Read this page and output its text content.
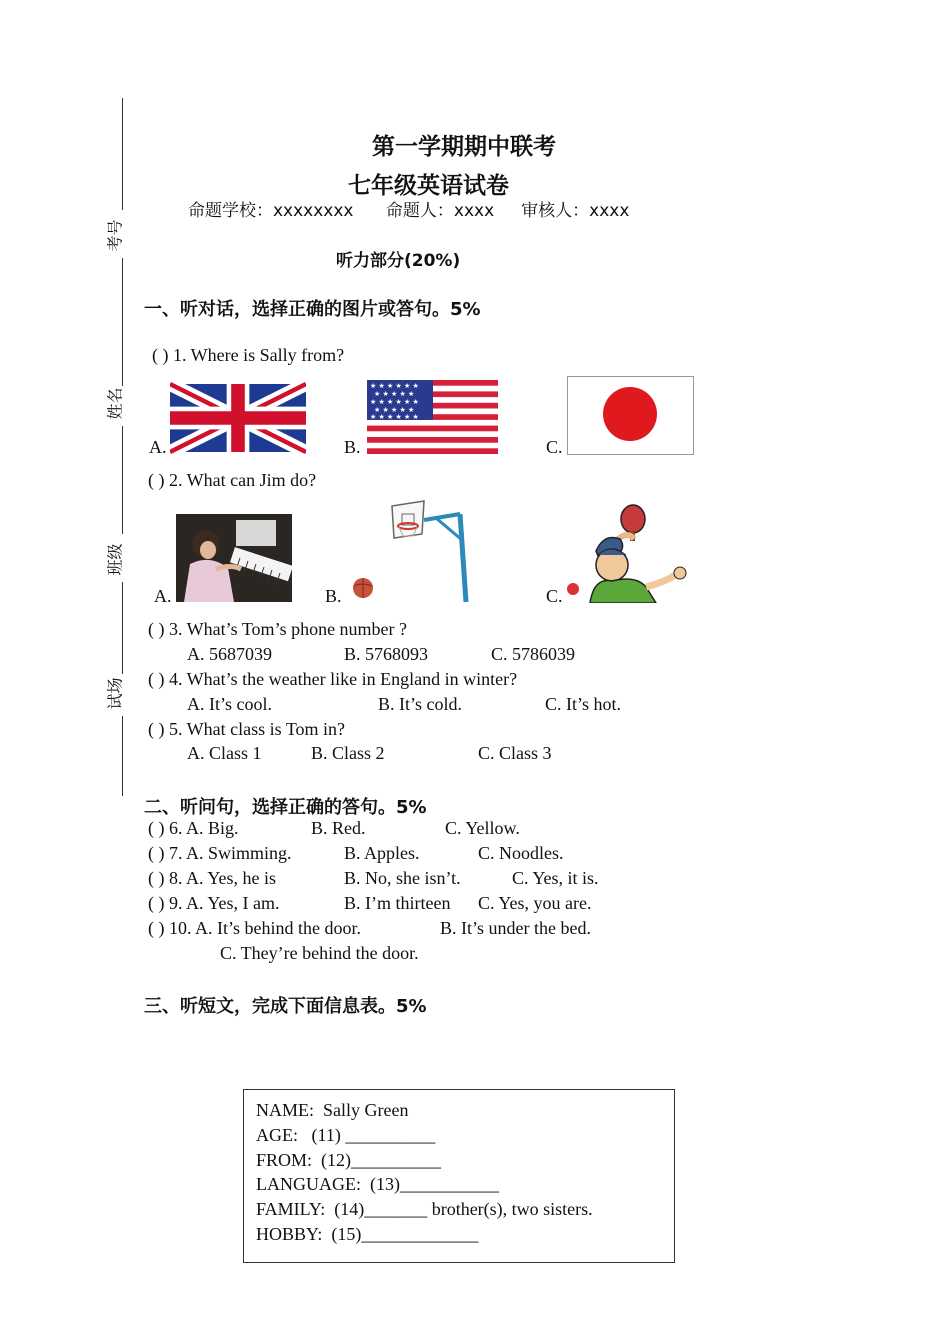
考号
姓名
班级
试场
第一学期期中联考
七年级英语试卷
命题学校：xxxxxxxx      命题人：xxxx     审核人：xxxx
听力部分(20%)
一、听对话，选择正确的图片或答句。5%
( ) 1. Where is Sally from?
A.	B.	C.
★ ★ ★ ★ ★ ★
★ ★ ★ ★ ★
★ ★ ★ ★ ★ ★
★ ★ ★ ★ ★
★ ★ ★ ★ ★ ★
( ) 2. What can Jim do?
A.	B.	C.
( ) 3. What’s Tom’s phone number ?
A. 5687039	B. 5768093	C. 5786039
( ) 4. What’s the weather like in England in winter?
A. It’s cool.	B. It’s cold.	C. It’s hot.
( ) 5. What class is Tom in?
A. Class 1	B. Class 2	C. Class 3
二、听问句，选择正确的答句。5%
( ) 6. A. Big.	B. Red.	C. Yellow.
( ) 7. A. Swimming.	B. Apples.	C. Noodles.
( ) 8. A. Yes, he is	B. No, she isn’t.	C. Yes, it is.
( ) 9. A. Yes, I am.	B. I’m thirteen C. Yes, you are.
( ) 10. A. It’s behind the door.	B. It’s under the bed.
C. They’re behind the door.
三、听短文，完成下面信息表。5%
NAME:  Sally Green
AGE:   (11) __________
FROM:  (12)__________
LANGUAGE:  (13)___________
FAMILY:  (14)_______ brother(s), two sisters.
HOBBY:  (15)_____________
